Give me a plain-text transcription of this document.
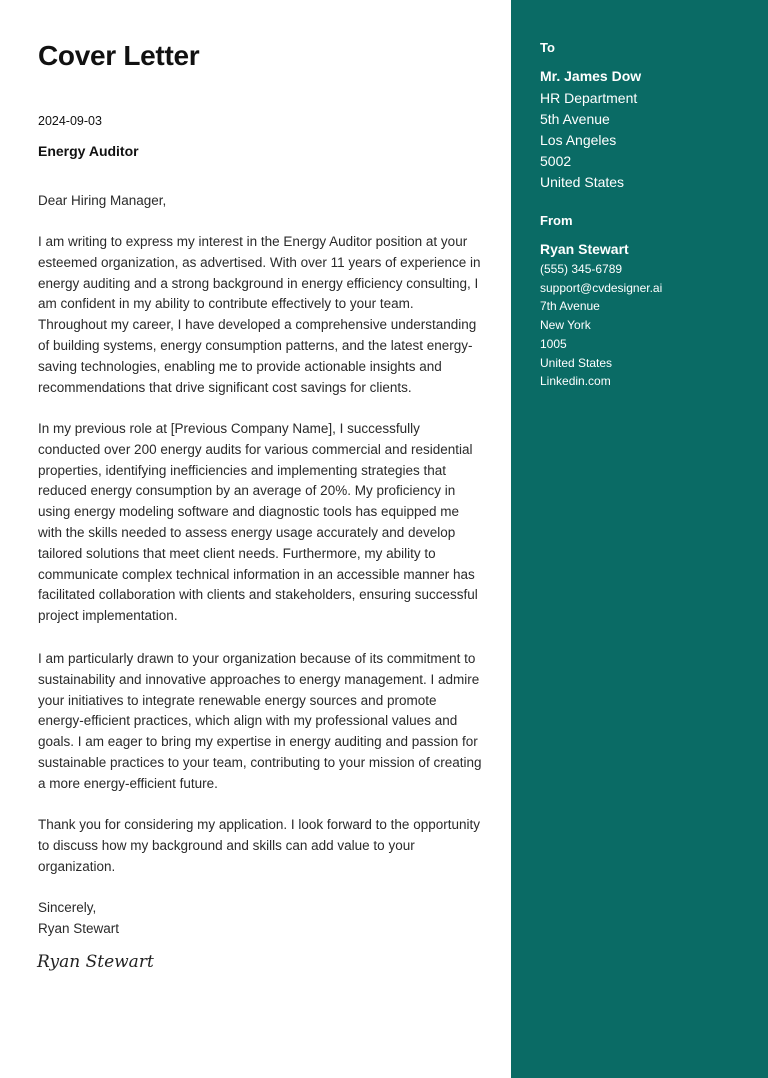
Cover Letter
2024-09-03
Energy Auditor

Dear Hiring Manager,

I am writing to express my interest in the Energy Auditor position at your esteemed organization, as advertised. With over 11 years of experience in energy auditing and a strong background in energy efficiency consulting, I am confident in my ability to contribute effectively to your team. Throughout my career, I have developed a comprehensive understanding of building systems, energy consumption patterns, and the latest energy-saving technologies, enabling me to provide actionable insights and recommendations that drive significant cost savings for clients.

In my previous role at [Previous Company Name], I successfully conducted over 200 energy audits for various commercial and residential properties, identifying inefficiencies and implementing strategies that reduced energy consumption by an average of 20%. My proficiency in using energy modeling software and diagnostic tools has equipped me with the skills needed to assess energy usage accurately and develop tailored solutions that meet client needs. Furthermore, my ability to communicate complex technical information in an accessible manner has facilitated collaboration with clients and stakeholders, ensuring successful project implementation.

I am particularly drawn to your organization because of its commitment to sustainability and innovative approaches to energy management. I admire your initiatives to integrate renewable energy sources and promote energy-efficient practices, which align with my professional values and goals. I am eager to bring my expertise in energy auditing and passion for sustainable practices to your team, contributing to your mission of creating a more energy-efficient future.

Thank you for considering my application. I look forward to the opportunity to discuss how my background and skills can add value to your organization.

Sincerely,

Ryan Stewart

Ryan Stewart
To
Mr. James Dow
HR Department
5th Avenue
Los Angeles
5002
United States
From
Ryan Stewart
(555) 345-6789
support@cvdesigner.ai
7th Avenue
New York
1005
United States
Linkedin.com
